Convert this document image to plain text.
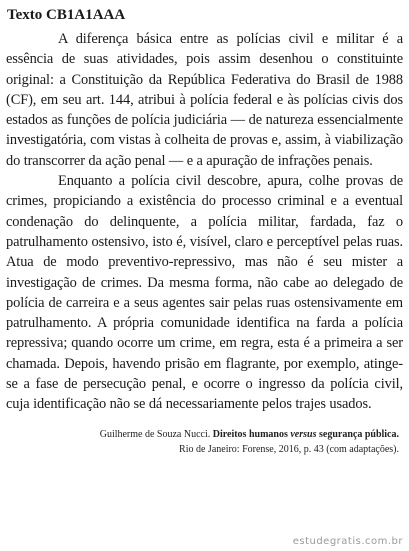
Texto CB1A1AAA

A diferença básica entre as polícias civil e militar é a essência de suas atividades, pois assim desenhou o constituinte original: a Constituição da República Federativa do Brasil de 1988 (CF), em seu art. 144, atribui à polícia federal e às polícias civis dos estados as funções de polícia judiciária — de natureza essencialmente investigatória, com vistas à colheita de provas e, assim, à viabilização do transcorrer da ação penal — e a apuração de infrações penais.

Enquanto a polícia civil descobre, apura, colhe provas de crimes, propiciando a existência do processo criminal e a eventual condenação do delinquente, a polícia militar, fardada, faz o patrulhamento ostensivo, isto é, visível, claro e perceptível pelas ruas. Atua de modo preventivo-repressivo, mas não é seu mister a investigação de crimes. Da mesma forma, não cabe ao delegado de polícia de carreira e a seus agentes sair pelas ruas ostensivamente em patrulhamento. A própria comunidade identifica na farda a polícia repressiva; quando ocorre um crime, em regra, esta é a primeira a ser chamada. Depois, havendo prisão em flagrante, por exemplo, atinge-se a fase de persecução penal, e ocorre o ingresso da polícia civil, cuja identificação não se dá necessariamente pelos trajes usados.

Guilherme de Souza Nucci. Direitos humanos versus segurança pública.
Rio de Janeiro: Forense, 2016, p. 43 (com adaptações).
estudegratis.com.br
